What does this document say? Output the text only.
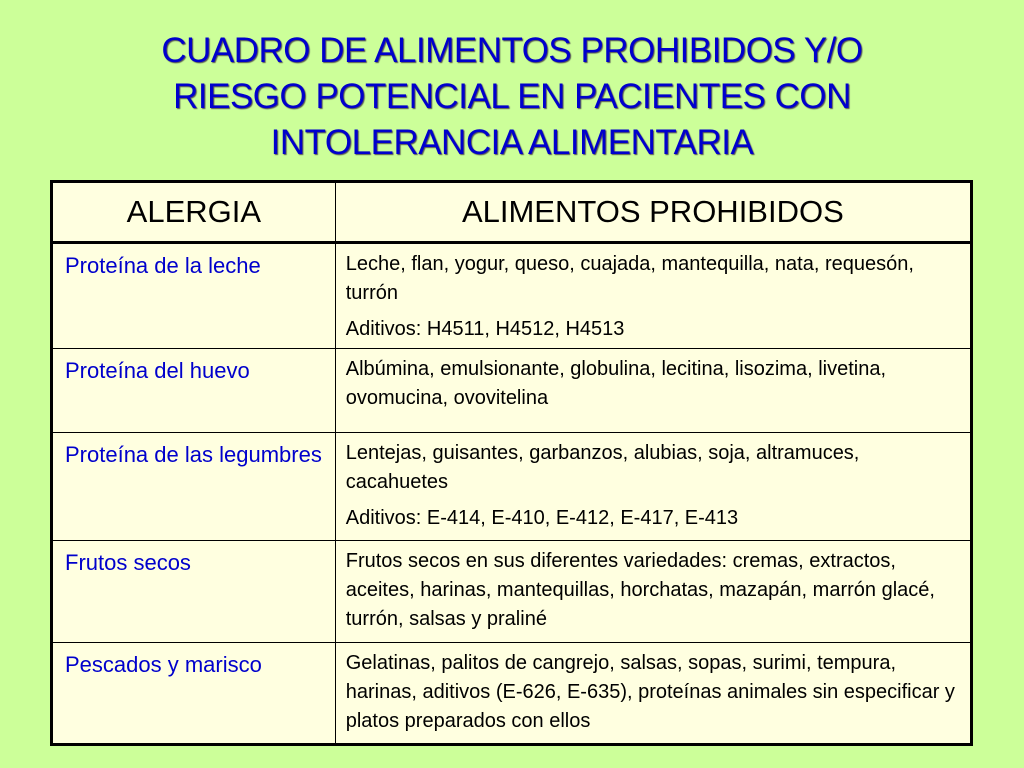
CUADRO DE ALIMENTOS PROHIBIDOS Y/O
RIESGO POTENCIAL EN PACIENTES CON
INTOLERANCIA ALIMENTARIA
ALERGIA	ALIMENTOS PROHIBIDOS
Proteína de la leche	Leche, flan, yogur, queso, cuajada, mantequilla, nata, requesón, turrón
Aditivos: H4511, H4512, H4513

Proteína del huevo	Albúmina, emulsionante, globulina, lecitina, lisozima, livetina, ovomucina, ovovitelina

Proteína de las legumbres	Lentejas, guisantes, garbanzos, alubias, soja, altramuces, cacahuetes
Aditivos: E-414, E-410, E-412, E-417, E-413

Frutos secos	Frutos secos en sus diferentes variedades: cremas, extractos, aceites, harinas, mantequillas, horchatas, mazapán, marrón glacé, turrón, salsas y praliné

Pescados y marisco	Gelatinas, palitos de cangrejo, salsas, sopas, surimi, tempura, harinas, aditivos (E-626, E-635), proteínas animales sin especificar y platos preparados con ellos
